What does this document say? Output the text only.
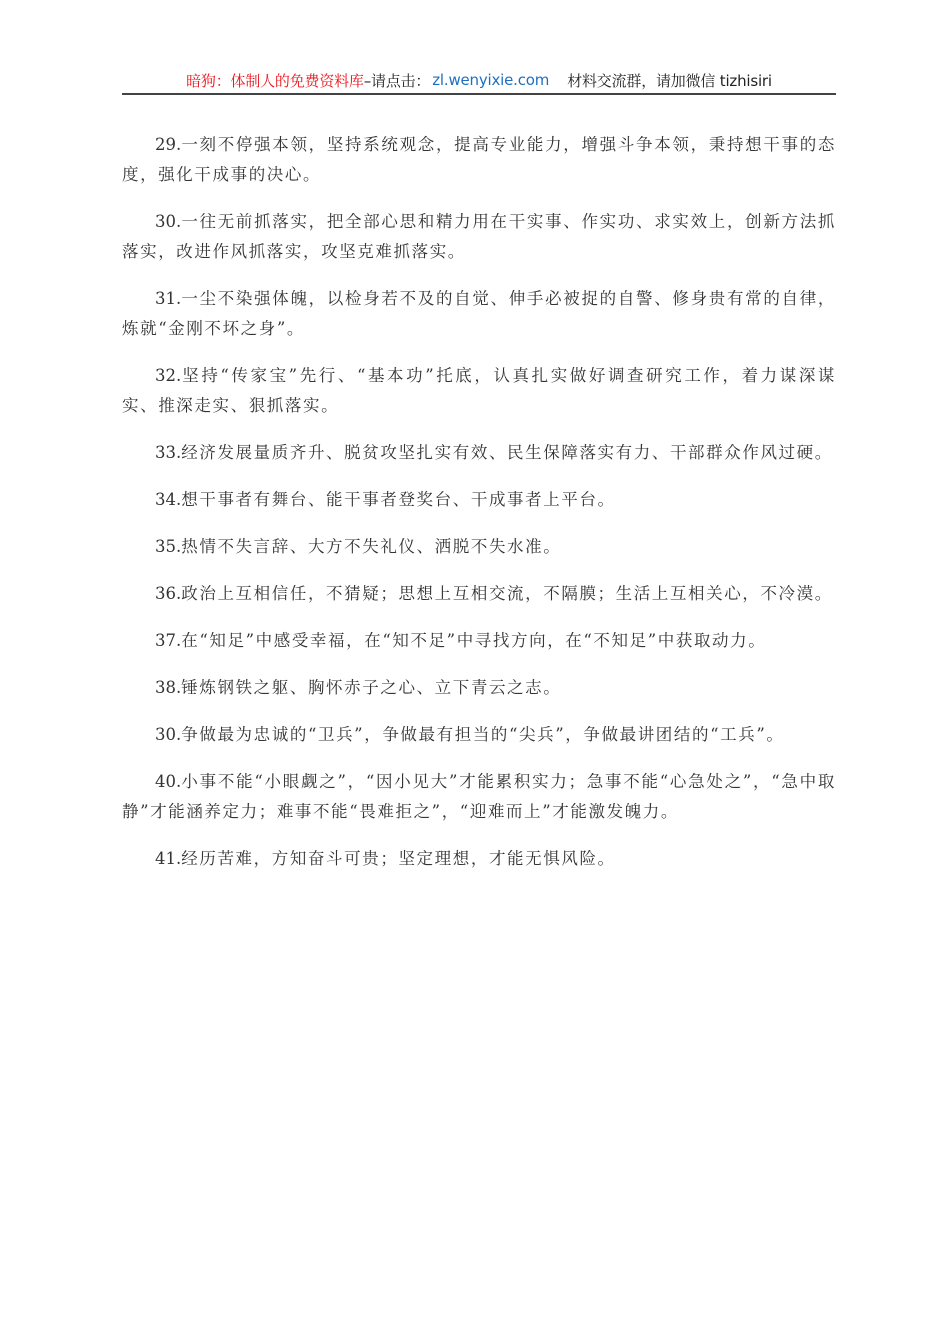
暗狗：体制人的免费资料库 –请点击： zl.wenyixie.com 材料交流群，请加微信 tizhisiri

29.一刻不停强本领，坚持系统观念，提高专业能力，增强斗争本领，秉持想干事的态度，强化干成事的决心。

30.一往无前抓落实，把全部心思和精力用在干实事、作实功、求实效上，创新方法抓落实，改进作风抓落实，攻坚克难抓落实。

31.一尘不染强体魄，以检身若不及的自觉、伸手必被捉的自警、修身贵有常的自律，炼就“金刚不坏之身”。

32.坚持“传家宝”先行、“基本功”托底，认真扎实做好调查研究工作，着力谋深谋实、推深走实、狠抓落实。

33.经济发展量质齐升、脱贫攻坚扎实有效、民生保障落实有力、干部群众作风过硬。

34.想干事者有舞台、能干事者登奖台、干成事者上平台。

35.热情不失言辞、大方不失礼仪、洒脱不失水准。

36.政治上互相信任，不猜疑；思想上互相交流，不隔膜；生活上互相关心，不冷漠。

37.在“知足”中感受幸福，在“知不足”中寻找方向，在“不知足”中获取动力。

38.锤炼钢铁之躯、胸怀赤子之心、立下青云之志。

30.争做最为忠诚的“卫兵”，争做最有担当的“尖兵”，争做最讲团结的“工兵”。

40.小事不能“小眼觑之”，“因小见大”才能累积实力；急事不能“心急处之”，“急中取静”才能涵养定力；难事不能“畏难拒之”，“迎难而上”才能激发魄力。

41.经历苦难，方知奋斗可贵；坚定理想，才能无惧风险。
